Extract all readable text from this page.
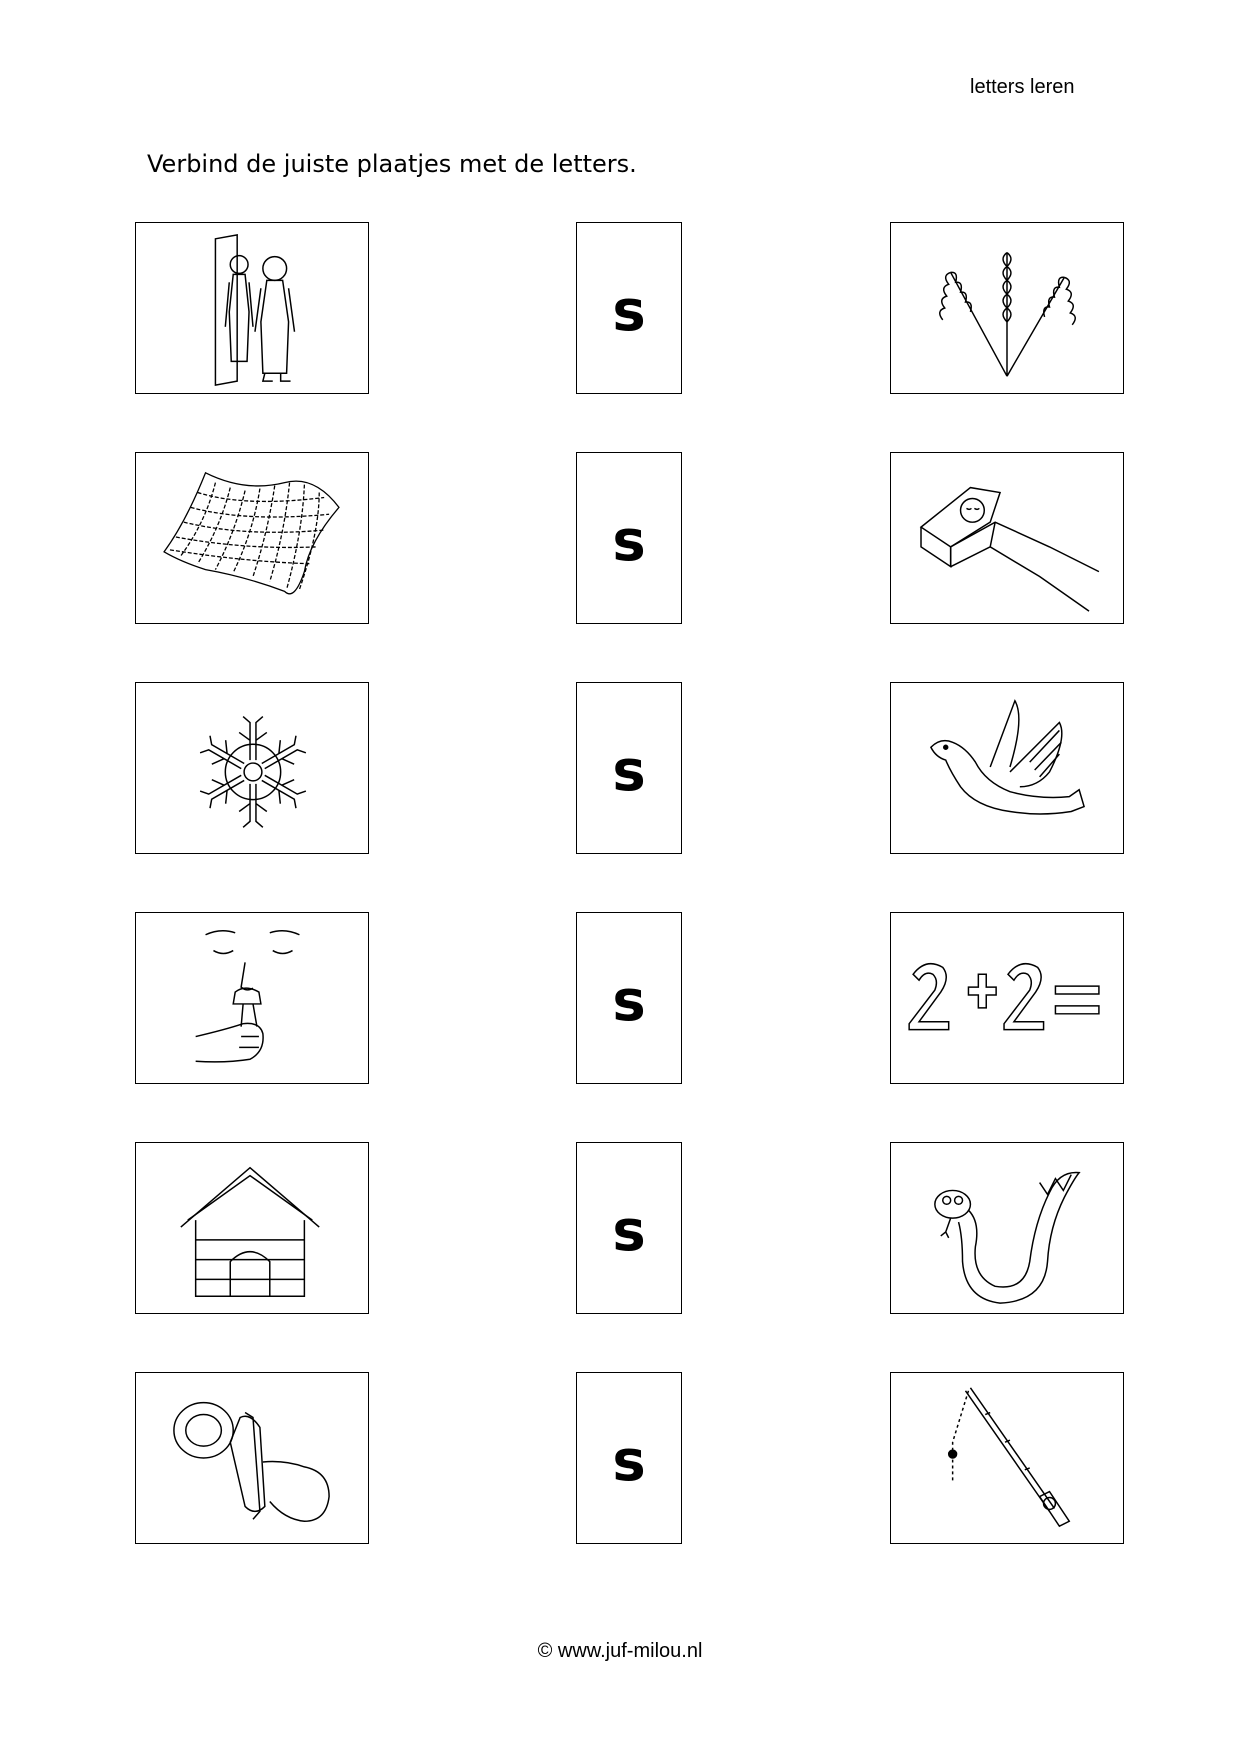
letters leren
Verbind de juiste plaatjes met de letters.
s
s
s
s
s
s
© www.juf-milou.nl
